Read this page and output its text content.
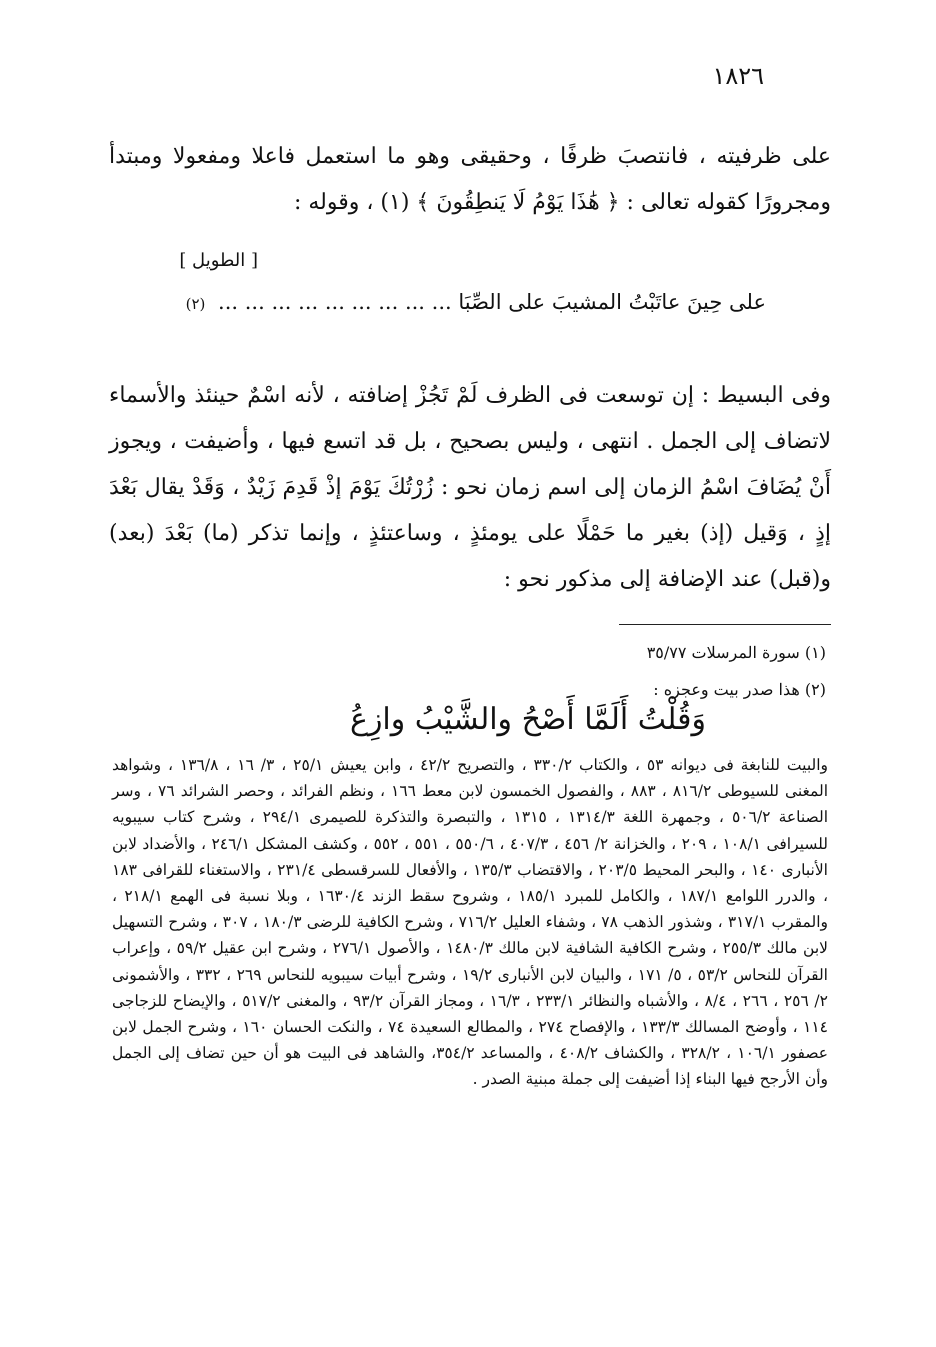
١٨٢٦
على ظرفيته ، فانتصبَ ظرفًا ، وحقيقى وهو ما استعمل فاعلا ومفعولا ومبتدأ ومجرورًا كقوله تعالى : ﴿ هَٰذَا يَوْمُ لَا يَنطِقُونَ ﴾ (١) ، وقوله :
[ الطويل ]
على حِينَ عاتَبْتُ المشيبَ على الصِّبَا ... ... ... ... ... ... ... ... ... (٢)
وفى البسيط : إن توسعت فى الظرف لَمْ تَجُزْ إضافته ، لأنه اسْمٌ حينئذ والأسماء لاتضاف إلى الجمل . انتهى ، وليس بصحيح ، بل قد اتسع فيها ، وأضيفت ، ويجوز أَنْ يُضَافَ اسْمُ الزمان إلى اسم زمان نحو : زُرْتُكَ يَوْمَ إذْ قَدِمَ زَيْدٌ ، وَقَدْ يقال بَعْدَ إذٍ ، وَقيل (إذ) بغير ما حَمْلًا على يومئذٍ ، وساعتئذٍ ، وإنما تذكر (ما) بَعْدَ (بعد) و(قبل) عند الإضافة إلى مذكور نحو :
(١) سورة المرسلات ٣٥/٧٧
(٢) هذا صدر بيت وعجزه :
وَقُلْتُ أَلَمَّا أَصْحُ والشَّيْبُ وازِعُ

والبيت للنابغة فى ديوانه ٥٣ ، والكتاب ٣٣٠/٢ ، والتصريح ٤٢/٢ ، وابن يعيش ٢٥/١ ، ٣/ ١٦ ، ١٣٦/٨ ، وشواهد المغنى للسيوطى ٨١٦/٢ ، ٨٨٣ ، والفصول الخمسون لابن معط ١٦٦ ، ونظم الفرائد ، وحصر الشرائد ٧٦ ، وسر الصناعة ٥٠٦/٢ ، وجمهرة اللغة ١٣١٤/٣ ، ١٣١٥ ، والتبصرة والتذكرة للصيمرى ٢٩٤/١ ، وشرح كتاب سيبويه للسيرافى ١٠٨/١ ، ٢٠٩ ، والخزانة ٢/ ٤٥٦ ، ٤٠٧/٣ ، ٥٥٠/٦ ، ٥٥١ ، ٥٥٢ ، وكشف المشكل ٢٤٦/١ ، والأضداد لابن الأنبارى ١٤٠ ، والبحر المحيط ٢٠٣/٥ ، والاقتضاب ١٣٥/٣ ، والأفعال للسرقسطى ٢٣١/٤ ، والاستغناء للقرافى ١٨٣ ، والدرر اللوامع ١٨٧/١ ، والكامل للمبرد ١٨٥/١ ، وشروح سقط الزند ١٦٣٠/٤ ، وبلا نسبة فى الهمع ٢١٨/١ ، والمقرب ٣١٧/١ ، وشذور الذهب ٧٨ ، وشفاء العليل ٧١٦/٢ ، وشرح الكافية للرضى ١٨٠/٣ ، ٣٠٧ ، وشرح التسهيل لابن مالك ٢٥٥/٣ ، وشرح الكافية الشافية لابن مالك ١٤٨٠/٣ ، والأصول ٢٧٦/١ ، وشرح ابن عقيل ٥٩/٢ ، وإعراب القرآن للنحاس ٥٣/٢ ، ٥/ ١٧١ ، والبيان لابن الأنبارى ١٩/٢ ، وشرح أبيات سيبويه للنحاس ٢٦٩ ، ٣٣٢ ، والأشمونى ٢/ ٢٥٦ ، ٢٦٦ ، ٨/٤ ، والأشباه والنظائر ٢٣٣/١ ، ١٦/٣ ، ومجاز القرآن ٩٣/٢ ، والمغنى ٥١٧/٢ ، والإيضاح للزجاجى ١١٤ ، وأوضح المسالك ١٣٣/٣ ، والإفصاح ٢٧٤ ، والمطالع السعيدة ٧٤ ، والنكت الحسان ١٦٠ ، وشرح الجمل لابن عصفور ١٠٦/١ ، ٣٢٨/٢ ، والكشاف ٤٠٨/٢ ، والمساعد ٣٥٤/٢، والشاهد فى البيت هو أن حين تضاف إلى الجمل وأن الأرجح فيها البناء إذا أضيفت إلى جملة مبنية الصدر .
